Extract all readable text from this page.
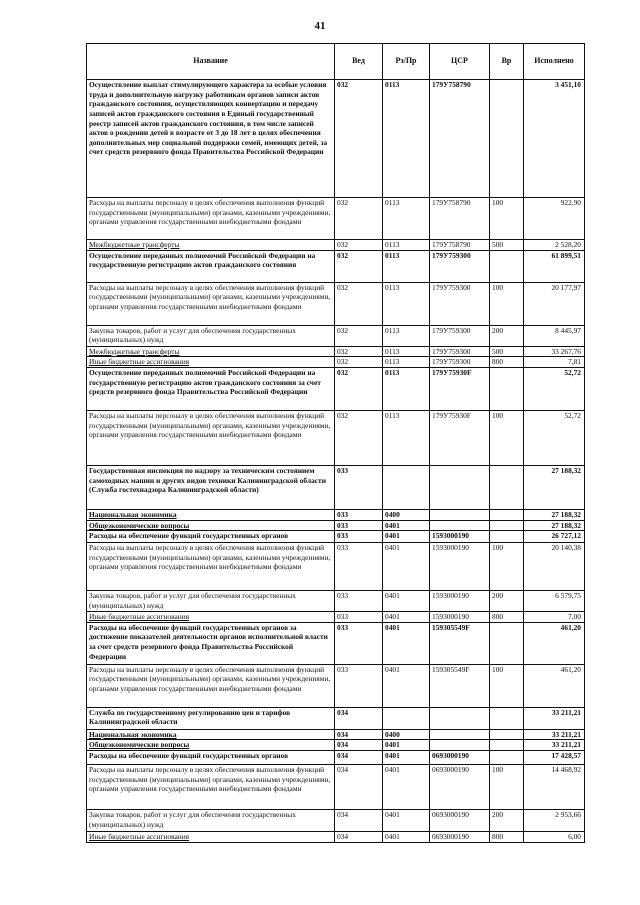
41
Название	Вед	Рз/Пр	ЦСР	Вр	Исполнено
Осуществление выплат стимулирующего характера за особые условия труда и дополнительную нагрузку работникам органов записи актов гражданского состояния, осуществляющих конвертацию и передачу записей актов гражданского состояния в Единый государственный реестр записей актов гражданского состояния, в том числе записей актов о рождении детей в возрасте от 3 до 18 лет в целях обеспечения дополнительных мер социальной поддержки семей, имеющих детей, за счет средств резервного фонда Правительства Российской Федерации	032	0113	179У758790		3 451,10
Расходы на выплаты персоналу в целях обеспечения выполнения функций государственными (муниципальными) органами, казенными учреждениями, органами управления государственными внебюджетными фондами	032	0113	179У758790	100	922,90
Межбюджетные трансферты	032	0113	179У758790	500	2 528,20
Осуществление переданных полномочий Российской Федерации на государственную регистрацию актов гражданского состояния	032	0113	179У759300		61 899,51
Расходы на выплаты персоналу в целях обеспечения выполнения функций государственными (муниципальными) органами, казенными учреждениями, органами управления государственными внебюджетными фондами	032	0113	179У759300	100	20 177,97
Закупка товаров, работ и услуг для обеспечения государственных (муниципальных) нужд	032	0113	179У759300	200	8 445,97
Межбюджетные трансферты	032	0113	179У759300	500	33 267,76
Иные бюджетные ассигнования	032	0113	179У759300	800	7,81
Осуществление переданных полномочий Российской Федерации на государственную регистрацию актов гражданского состояния за счет средств резервного фонда Правительства Российской Федерации	032	0113	179У75930F		52,72
Расходы на выплаты персоналу в целях обеспечения выполнения функций государственными (муниципальными) органами, казенными учреждениями, органами управления государственными внебюджетными фондами	032	0113	179У75930F	100	52,72
Государственная инспекция по надзору за техническим состоянием самоходных машин и других видов техники Калининградской области (Служба гостехнадзора Калининградской области)	033				27 188,32
Национальная экономика	033	0400			27 188,32
Общеэкономические вопросы	033	0401			27 188,32
Расходы на обеспечение функций государственных органов	033	0401	1593000190		26 727,12
Расходы на выплаты персоналу в целях обеспечения выполнения функций государственными (муниципальными) органами, казенными учреждениями, органами управления государственными внебюджетными фондами	033	0401	1593000190	100	20 140,38
Закупка товаров, работ и услуг для обеспечения государственных (муниципальных) нужд	033	0401	1593000190	200	6 579,75
Иные бюджетные ассигнования	033	0401	1593000190	800	7,00
Расходы на обеспечение функций государственных органов за достижение показателей деятельности органов исполнительной власти за счет средств резервного фонда Правительства Российской Федерации	033	0401	159305549F		461,20
Расходы на выплаты персоналу в целях обеспечения выполнения функций государственными (муниципальными) органами, казенными учреждениями, органами управления государственными внебюджетными фондами	033	0401	159305549F	100	461,20
Служба по государственному регулированию цен и тарифов Калининградской области	034				33 211,21
Национальная экономика	034	0400			33 211,21
Общеэкономические вопросы	034	0401			33 211,21
Расходы на обеспечение функций государственных органов	034	0401	0693000190		17 428,57
Расходы на выплаты персоналу в целях обеспечения выполнения функций государственными (муниципальными) органами, казенными учреждениями, органами управления государственными внебюджетными фондами	034	0401	0693000190	100	14 468,92
Закупка товаров, работ и услуг для обеспечения государственных (муниципальных) нужд	034	0401	0693000190	200	2 953,66
Иные бюджетные ассигнования	034	0401	0693000190	800	6,00
